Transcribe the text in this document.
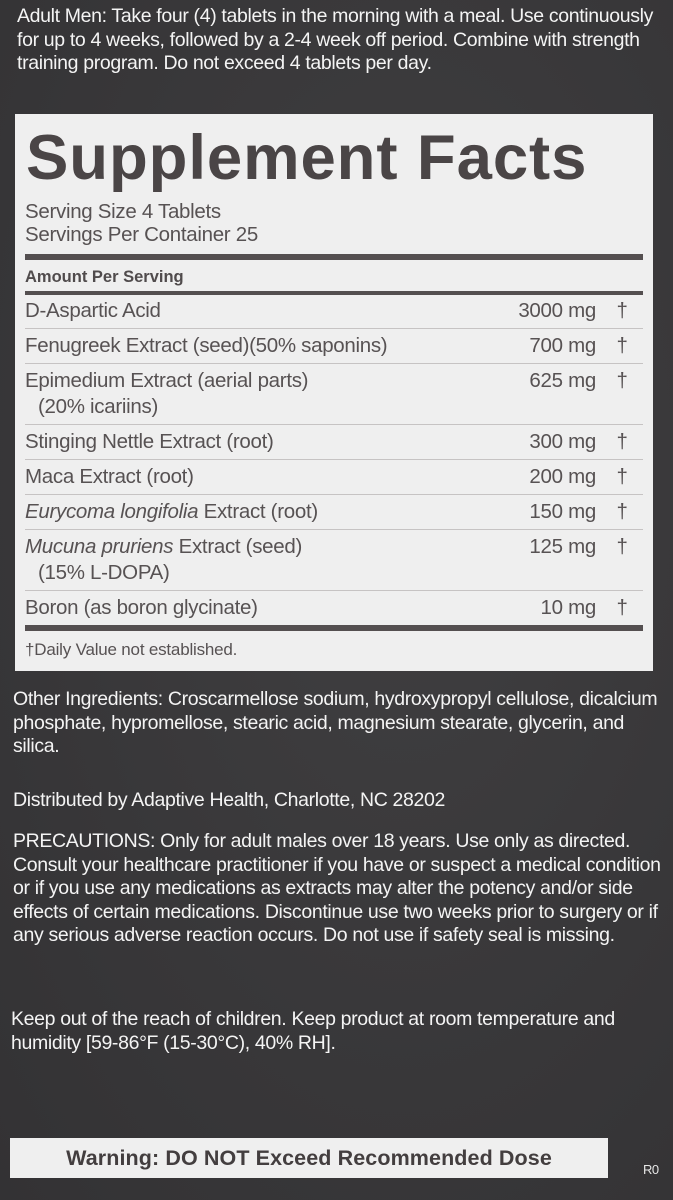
Adult Men: Take four (4) tablets in the morning with a meal. Use continuously for up to 4 weeks, followed by a 2-4 week off period. Combine with strength training program. Do not exceed 4 tablets per day.
Supplement Facts
Serving Size 4 Tablets
Servings Per Container 25
Amount Per Serving
D-Aspartic Acid	3000 mg †
Fenugreek Extract (seed)(50% saponins)	700 mg †
Epimedium Extract (aerial parts)
(20% icariins)
625 mg †
Stinging Nettle Extract (root)	300 mg †
Maca Extract (root)	200 mg †
Eurycoma longifolia Extract (root)	150 mg †
Mucuna pruriens Extract (seed)
(15% L-DOPA)
125 mg †
Boron (as boron glycinate)	10 mg †
†Daily Value not established.
Other Ingredients: Croscarmellose sodium, hydroxypropyl cellulose, dicalcium phosphate, hypromellose, stearic acid, magnesium stearate, glycerin, and silica.
Distributed by Adaptive Health, Charlotte, NC 28202
PRECAUTIONS: Only for adult males over 18 years. Use only as directed. Consult your healthcare practitioner if you have or suspect a medical condition or if you use any medications as extracts may alter the potency and/or side effects of certain medications. Discontinue use two weeks prior to surgery or if any serious adverse reaction occurs. Do not use if safety seal is missing.
Keep out of the reach of children. Keep product at room temperature and humidity [59-86°F (15-30°C), 40% RH].
Warning: DO NOT Exceed Recommended Dose	R0
